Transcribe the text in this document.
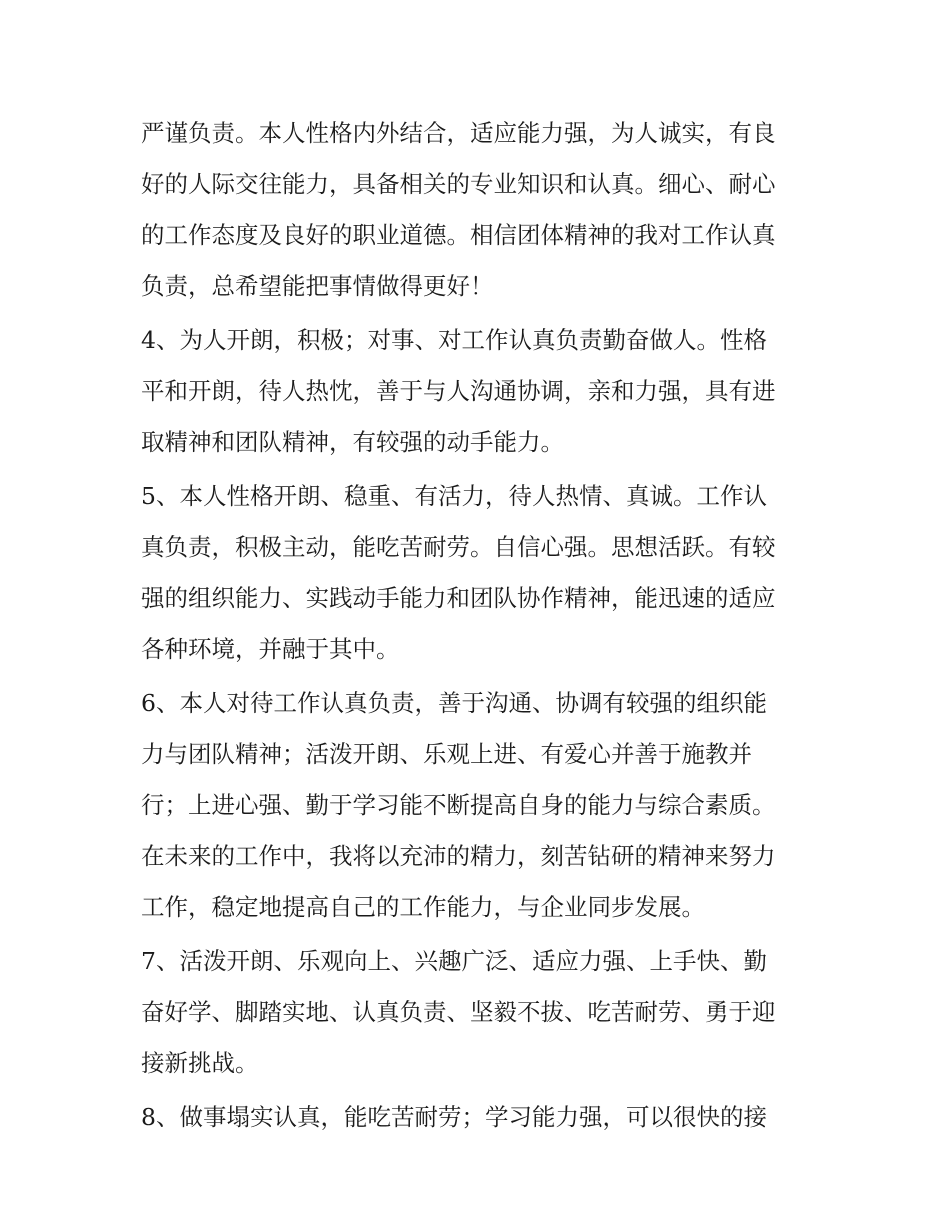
严谨负责。本人性格内外结合，适应能力强，为人诚实，有良
好的人际交往能力，具备相关的专业知识和认真。细心、耐心
的工作态度及良好的职业道德。相信团体精神的我对工作认真
负责，总希望能把事情做得更好！
4、为人开朗，积极；对事、对工作认真负责勤奋做人。性格
平和开朗，待人热忱，善于与人沟通协调，亲和力强，具有进
取精神和团队精神，有较强的动手能力。
5、本人性格开朗、稳重、有活力，待人热情、真诚。工作认
真负责，积极主动，能吃苦耐劳。自信心强。思想活跃。有较
强的组织能力、实践动手能力和团队协作精神，能迅速的适应
各种环境，并融于其中。
6、本人对待工作认真负责，善于沟通、协调有较强的组织能
力与团队精神；活泼开朗、乐观上进、有爱心并善于施教并
行；上进心强、勤于学习能不断提高自身的能力与综合素质。
在未来的工作中，我将以充沛的精力，刻苦钻研的精神来努力
工作，稳定地提高自己的工作能力，与企业同步发展。
7、活泼开朗、乐观向上、兴趣广泛、适应力强、上手快、勤
奋好学、脚踏实地、认真负责、坚毅不拔、吃苦耐劳、勇于迎
接新挑战。
8、做事塌实认真，能吃苦耐劳；学习能力强，可以很快的接
